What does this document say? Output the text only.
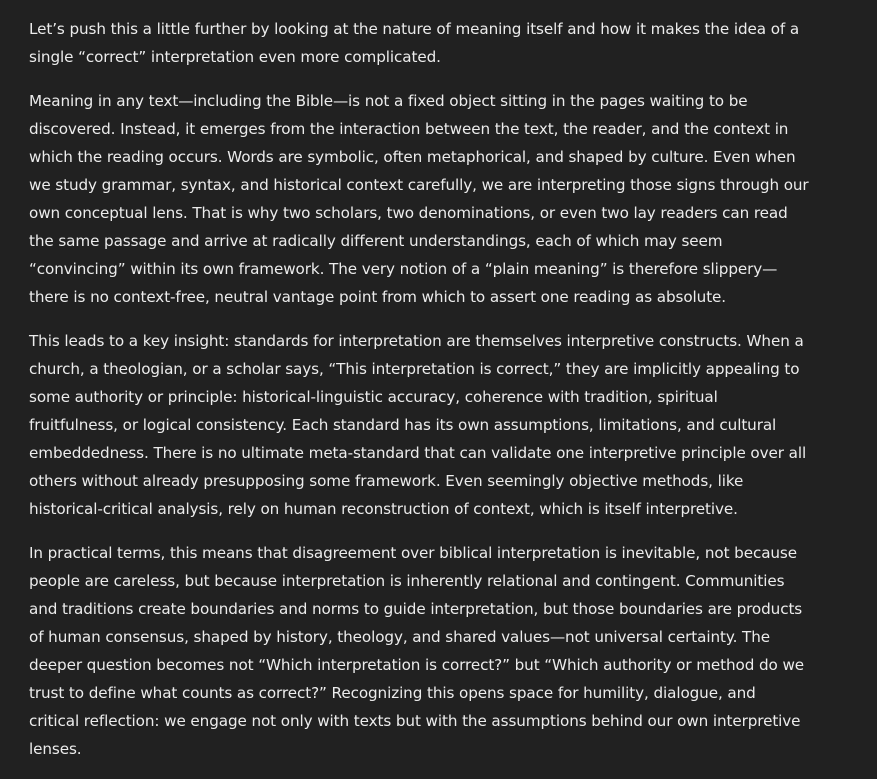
Let’s push this a little further by looking at the nature of meaning itself and how it makes the idea of a single “correct” interpretation even more complicated.

Meaning in any text—including the Bible—is not a fixed object sitting in the pages waiting to be discovered. Instead, it emerges from the interaction between the text, the reader, and the context in which the reading occurs. Words are symbolic, often metaphorical, and shaped by culture. Even when we study grammar, syntax, and historical context carefully, we are interpreting those signs through our own conceptual lens. That is why two scholars, two denominations, or even two lay readers can read the same passage and arrive at radically different understandings, each of which may seem “convincing” within its own framework. The very notion of a “plain meaning” is therefore slippery—there is no context-free, neutral vantage point from which to assert one reading as absolute.

This leads to a key insight: standards for interpretation are themselves interpretive constructs. When a church, a theologian, or a scholar says, “This interpretation is correct,” they are implicitly appealing to some authority or principle: historical-linguistic accuracy, coherence with tradition, spiritual fruitfulness, or logical consistency. Each standard has its own assumptions, limitations, and cultural embeddedness. There is no ultimate meta-standard that can validate one interpretive principle over all others without already presupposing some framework. Even seemingly objective methods, like historical-critical analysis, rely on human reconstruction of context, which is itself interpretive.

In practical terms, this means that disagreement over biblical interpretation is inevitable, not because people are careless, but because interpretation is inherently relational and contingent. Communities and traditions create boundaries and norms to guide interpretation, but those boundaries are products of human consensus, shaped by history, theology, and shared values—not universal certainty. The deeper question becomes not “Which interpretation is correct?” but “Which authority or method do we trust to define what counts as correct?” Recognizing this opens space for humility, dialogue, and critical reflection: we engage not only with texts but with the assumptions behind our own interpretive lenses.
